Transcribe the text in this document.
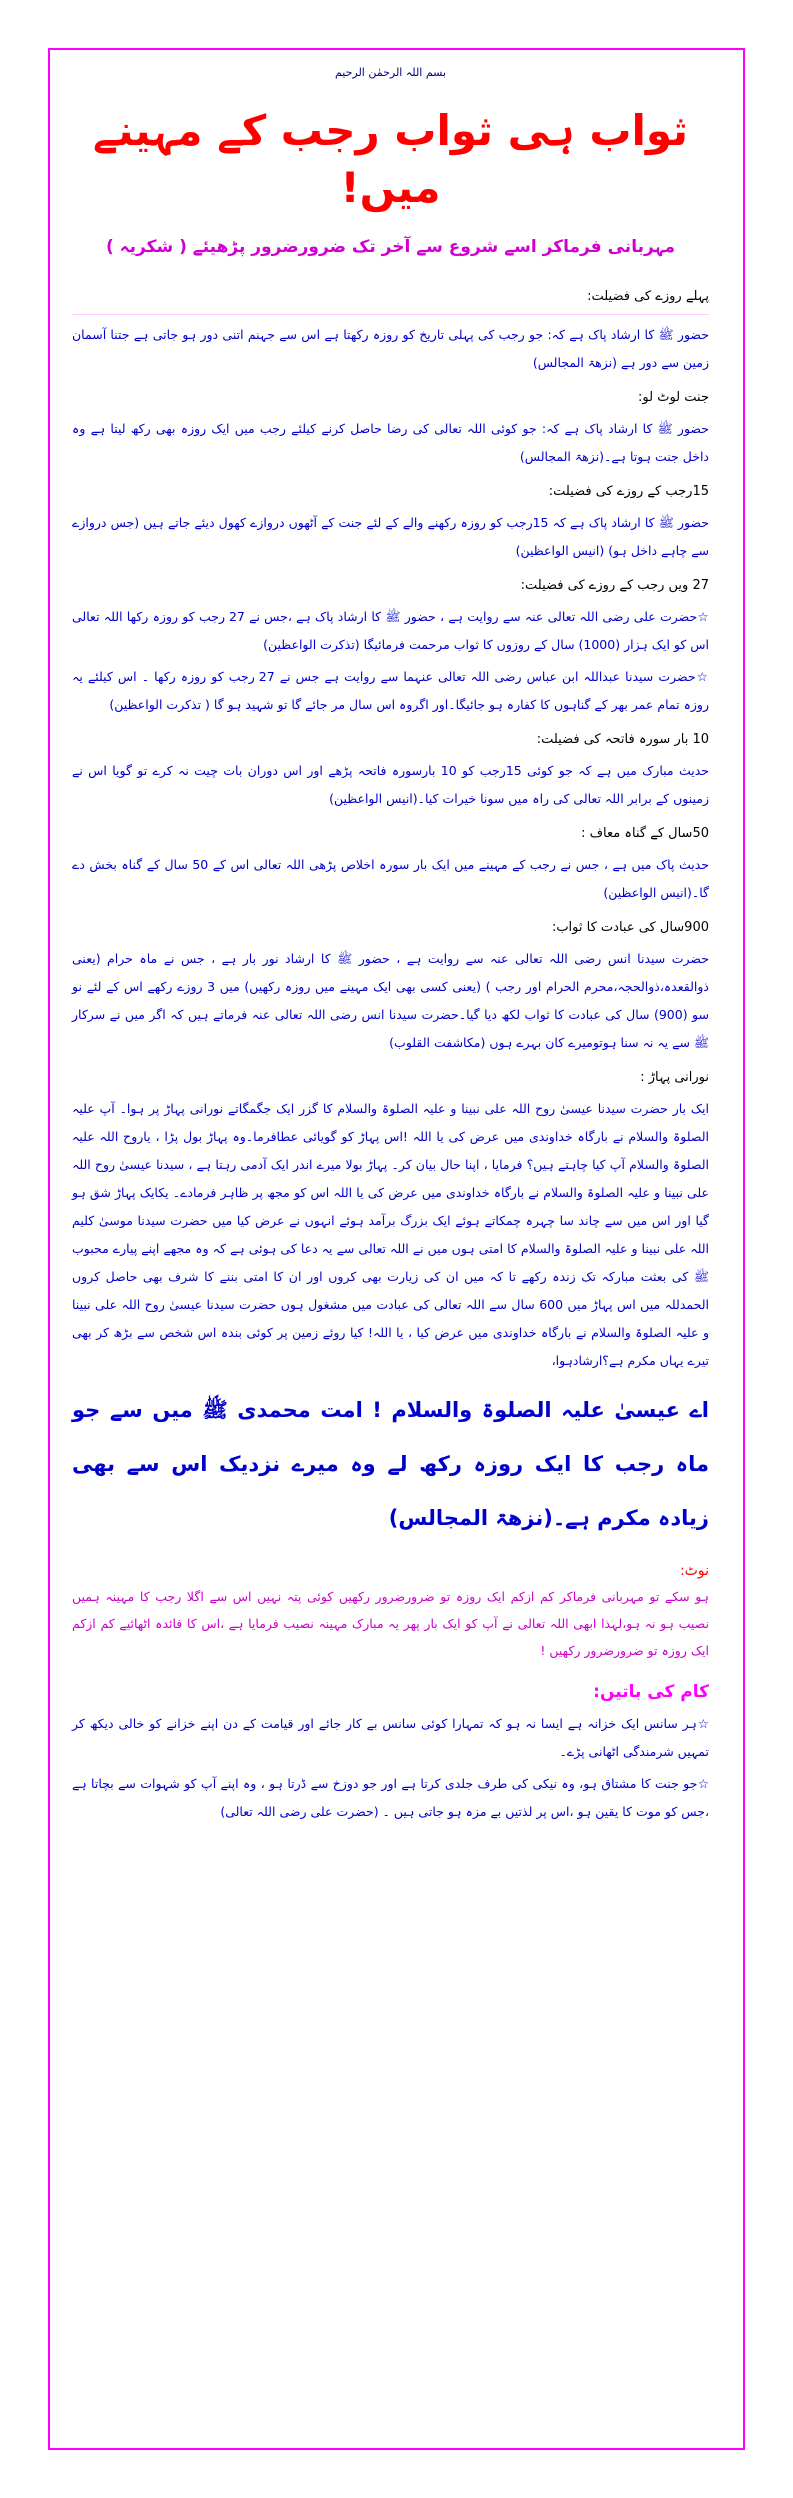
بسم اللہ الرحمٰن الرحیم
ثواب ہی ثواب رجب کے مہینے میں!
مہربانی فرماکر اسے شروع سے آخر تک ضرورضرور پڑھیئے ( شکریہ )
پہلے روزے کی فضیلت:
حضور ﷺ کا ارشاد پاک ہے کہ: جو رجب کی پہلی تاریخ کو روزہ رکھتا ہے اس سے جہنم اتنی دور ہو جاتی ہے جتنا آسمان زمین سے دور ہے (نزھۃ المجالس)
جنت لوٹ لو:
حضور ﷺ کا ارشاد پاک ہے کہ: جو کوئی اللہ تعالی کی رضا حاصل کرنے کیلئے رجب میں ایک روزہ بھی رکھ لیتا ہے وہ داخل جنت ہوتا ہے۔(نزھۃ المجالس)
15رجب کے روزے کی فضیلت:
حضور ﷺ کا ارشاد پاک ہے کہ 15رجب کو روزہ رکھنے والے کے لئے جنت کے آٹھوں دروازے کھول دیئے جاتے ہیں (جس دروازے سے چاہے داخل ہو) (انیس الواعظین)
27 ویں رجب کے روزے کی فضیلت:
☆حضرت علی رضی اللہ تعالی عنہ سے روایت ہے ، حضور ﷺ کا ارشاد پاک ہے ،جس نے 27 رجب کو روزہ رکھا اللہ تعالی اس کو ایک ہزار (1000) سال کے روزوں کا ثواب مرحمت فرمائیگا (تذکرت الواعظین)
☆حضرت سیدنا عبداللہ ابن عباس رضی اللہ تعالی عنہما سے روایت ہے جس نے 27 رجب کو روزہ رکھا ۔ اس کیلئے یہ روزہ تمام عمر بھر کے گناہوں کا کفارہ ہو جائیگا۔اور اگروہ اس سال مر جائے گا تو شہید ہو گا ( تذکرت الواعظین)
10 بار سورہ فاتحہ کی فضیلت:
حدیث مبارک میں ہے کہ جو کوئی 15رجب کو 10 بارسورہ فاتحہ پڑھے اور اس دوران بات چیت نہ کرے تو گویا اس نے زمینوں کے برابر اللہ تعالی کی راہ میں سونا خیرات کیا۔(انیس الواعظین)
50سال کے گناہ معاف :
حدیث پاک میں ہے ، جس نے رجب کے مہینے میں ایک بار سورہ اخلاص پڑھی اللہ تعالی اس کے 50 سال کے گناہ بخش دے گا۔(انیس الواعظین)
900سال کی عبادت کا ثواب:
حضرت سیدنا انس رضی اللہ تعالی عنہ سے روایت ہے ، حضور ﷺ کا ارشاد نور بار ہے ، جس نے ماہ حرام (یعنی ذوالقعدہ،ذوالحجہ،محرم الحرام اور رجب ) (یعنی کسی بھی ایک مہینے میں روزہ رکھیں) میں 3 روزے رکھے اس کے لئے نو سو (900) سال کی عبادت کا ثواب لکھ دیا گیا۔حضرت سیدنا انس رضی اللہ تعالی عنہ فرماتے ہیں کہ اگر میں نے سرکار ﷺ سے یہ نہ سنا ہوتومیرے کان بہرے ہوں (مکاشفت القلوب)
نورانی پہاڑ :
ایک بار حضرت سیدنا عیسیٰ روح اللہ علی نبینا و علیہ الصلوۃ والسلام کا گزر ایک جگمگاتے نورانی پہاڑ پر ہوا۔ آپ علیہ الصلوۃ والسلام نے بارگاہ خداوندی میں عرض کی یا اللہ !اس پہاڑ کو گویائی عطافرما۔وہ پہاڑ بول پڑا ، یاروح اللہ علیہ الصلوۃ والسلام آپ کیا چاہتے ہیں؟ فرمایا ، اپنا حال بیان کر۔ پہاڑ بولا میرے اندر ایک آدمی رہتا ہے ، سیدنا عیسیٰ روح اللہ علی نبینا و علیہ الصلوۃ والسلام نے بارگاہ خداوندی میں عرض کی یا اللہ اس کو مجھ پر ظاہر فرمادے۔ یکایک پہاڑ شق ہو گیا اور اس میں سے چاند سا چہرہ چمکاتے ہوئے ایک بزرگ برآمد ہوئے انہوں نے عرض کیا میں حضرت سیدنا موسیٰ کلیم اللہ علی نبینا و علیہ الصلوۃ والسلام کا امتی ہوں میں نے اللہ تعالی سے یہ دعا کی ہوئی ہے کہ وہ مجھے اپنے پیارے محبوب ﷺ کی بعثت مبارکہ تک زندہ رکھے تا کہ میں ان کی زیارت بھی کروں اور ان کا امتی بننے کا شرف بھی حاصل کروں الحمدللہ میں اس پہاڑ میں 600 سال سے اللہ تعالی کی عبادت میں مشغول ہوں حضرت سیدنا عیسیٰ روح اللہ علی نبینا و علیہ الصلوۃ والسلام نے بارگاہ خداوندی میں عرض کیا ، یا اللہ! کیا روئے زمین پر کوئی بندہ اس شخص سے بڑھ کر بھی تیرے یہاں مکرم ہے؟ارشادہوا،
اے عیسیٰ علیہ الصلوۃ والسلام ! امت محمدی ﷺ میں سے جو ماہ رجب کا ایک روزہ رکھ لے وہ میرے نزدیک اس سے بھی زیادہ مکرم ہے۔(نزھۃ المجالس)
نوٹ:
ہو سکے تو مہربانی فرماکر کم ازکم ایک روزہ تو ضرورضرور رکھیں کوئی پتہ نہیں اس سے اگلا رجب کا مہینہ ہمیں نصیب ہو نہ ہو،لہذا ابھی اللہ تعالی نے آپ کو ایک بار پھر یہ مبارک مہینہ نصیب فرمایا ہے ،اس کا فائدہ اٹھائیے کم ازکم ایک روزہ تو ضرورضرور رکھیں !
کام کی باتیں:
☆ہر سانس ایک خزانہ ہے ایسا نہ ہو کہ تمہارا کوئی سانس بے کار جائے اور قیامت کے دن اپنے خزانے کو خالی دیکھ کر تمہیں شرمندگی اٹھانی پڑے۔
☆جو جنت کا مشتاق ہو، وہ نیکی کی طرف جلدی کرتا ہے اور جو دوزخ سے ڈرتا ہو ، وہ اپنے آپ کو شہوات سے بچاتا ہے ،جس کو موت کا یقین ہو ،اس پر لذتیں بے مزہ ہو جاتی ہیں ۔ (حضرت علی رضی اللہ تعالی)
